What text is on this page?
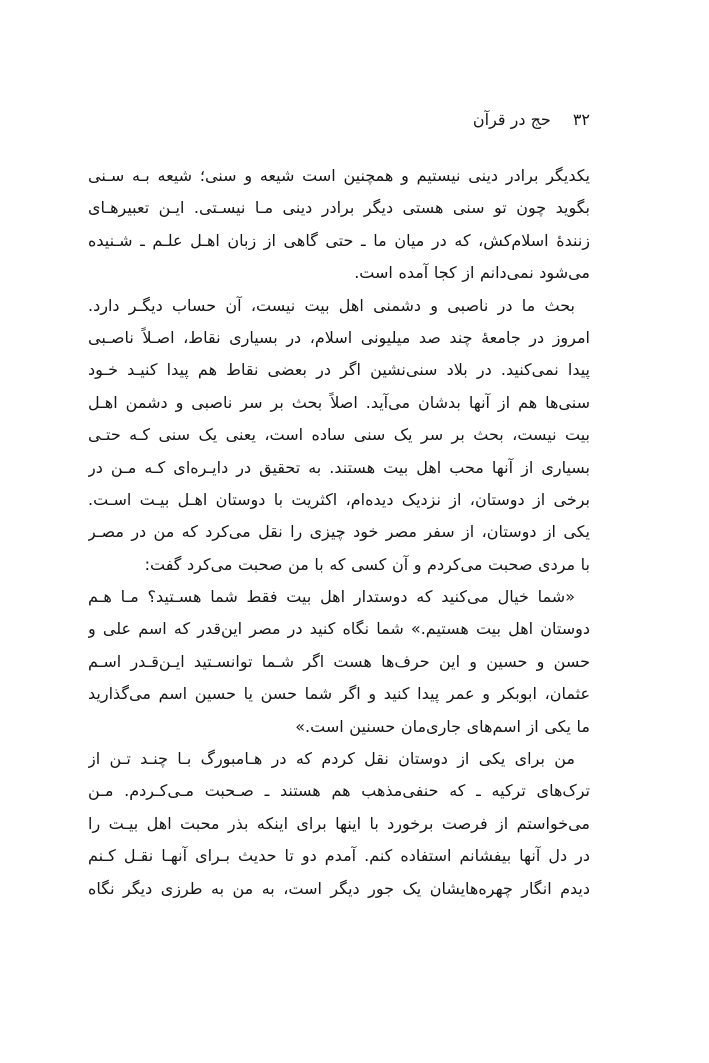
۳۲حج در قرآن
یکدیگر برادر دینی نیستیم و همچنین است شیعه و سنی؛ شیعه بـه سـنی
بگوید چون تو سنی هستی دیگر برادر دینی مـا نیسـتی. ایـن تعبیرهـای
زنندهٔ اسلام‌کش، که در میان ما ـ حتی گاهی از زبان اهـل علـم ـ شـنیده
می‌شود نمی‌دانم از کجا آمده است.
بحث ما در ناصبی و دشمنی اهل بیت نیست، آن حساب دیگـر دارد.
امروز در جامعهٔ چند صد میلیونی اسلام، در بسیاری نقاط، اصـلاً ناصـبی
پیدا نمی‌کنید. در بلاد سنی‌نشین اگر در بعضی نقاط هم پیدا کنیـد خـود
سنی‌ها هم از آنها بدشان می‌آید. اصلاً بحث بر سر ناصبی و دشمن اهـل
بیت نیست، بحث بر سر یک سنی ساده است، یعنی یک سنی کـه حتـی
بسیاری از آنها محب اهل بیت هستند. به تحقیق در دایـره‌ای کـه مـن در
برخی از دوستان، از نزدیک دیده‌ام، اکثریت با دوستان اهـل بیـت اسـت.
یکی از دوستان، از سفر مصر خود چیزی را نقل می‌کرد که من در مصـر
با مردی صحبت می‌کردم و آن کسی که با من صحبت می‌کرد گفت:
«شما خیال می‌کنید که دوستدار اهل بیت فقط شما هسـتید؟ مـا هـم
دوستان اهل بیت هستیم.» شما نگاه کنید در مصر این‌قدر که اسم علی و
حسن و حسین و این حرف‌ها هست اگر شـما توانسـتید ایـن‌قـدر اسـم
عثمان، ابوبکر و عمر پیدا کنید و اگر شما حسن یا حسین اسم می‌گذارید
ما یکی از اسم‌های جاری‌مان حسنین است.»
من برای یکی از دوستان نقل کردم که در هـامبورگ بـا چنـد تـن از
ترک‌های ترکیه ـ که حنفی‌مذهب هم هستند ـ صـحبت مـی‌کـردم. مـن
می‌خواستم از فرصت برخورد با اینها برای اینکه بذر محبت اهل بیـت را
در دل آنها بیفشانم استفاده کنم. آمدم دو تا حدیث بـرای آنهـا نقـل کـنم
دیدم انگار چهره‌هایشان یک جور دیگر است، به من به طرزی دیگر نگاه
